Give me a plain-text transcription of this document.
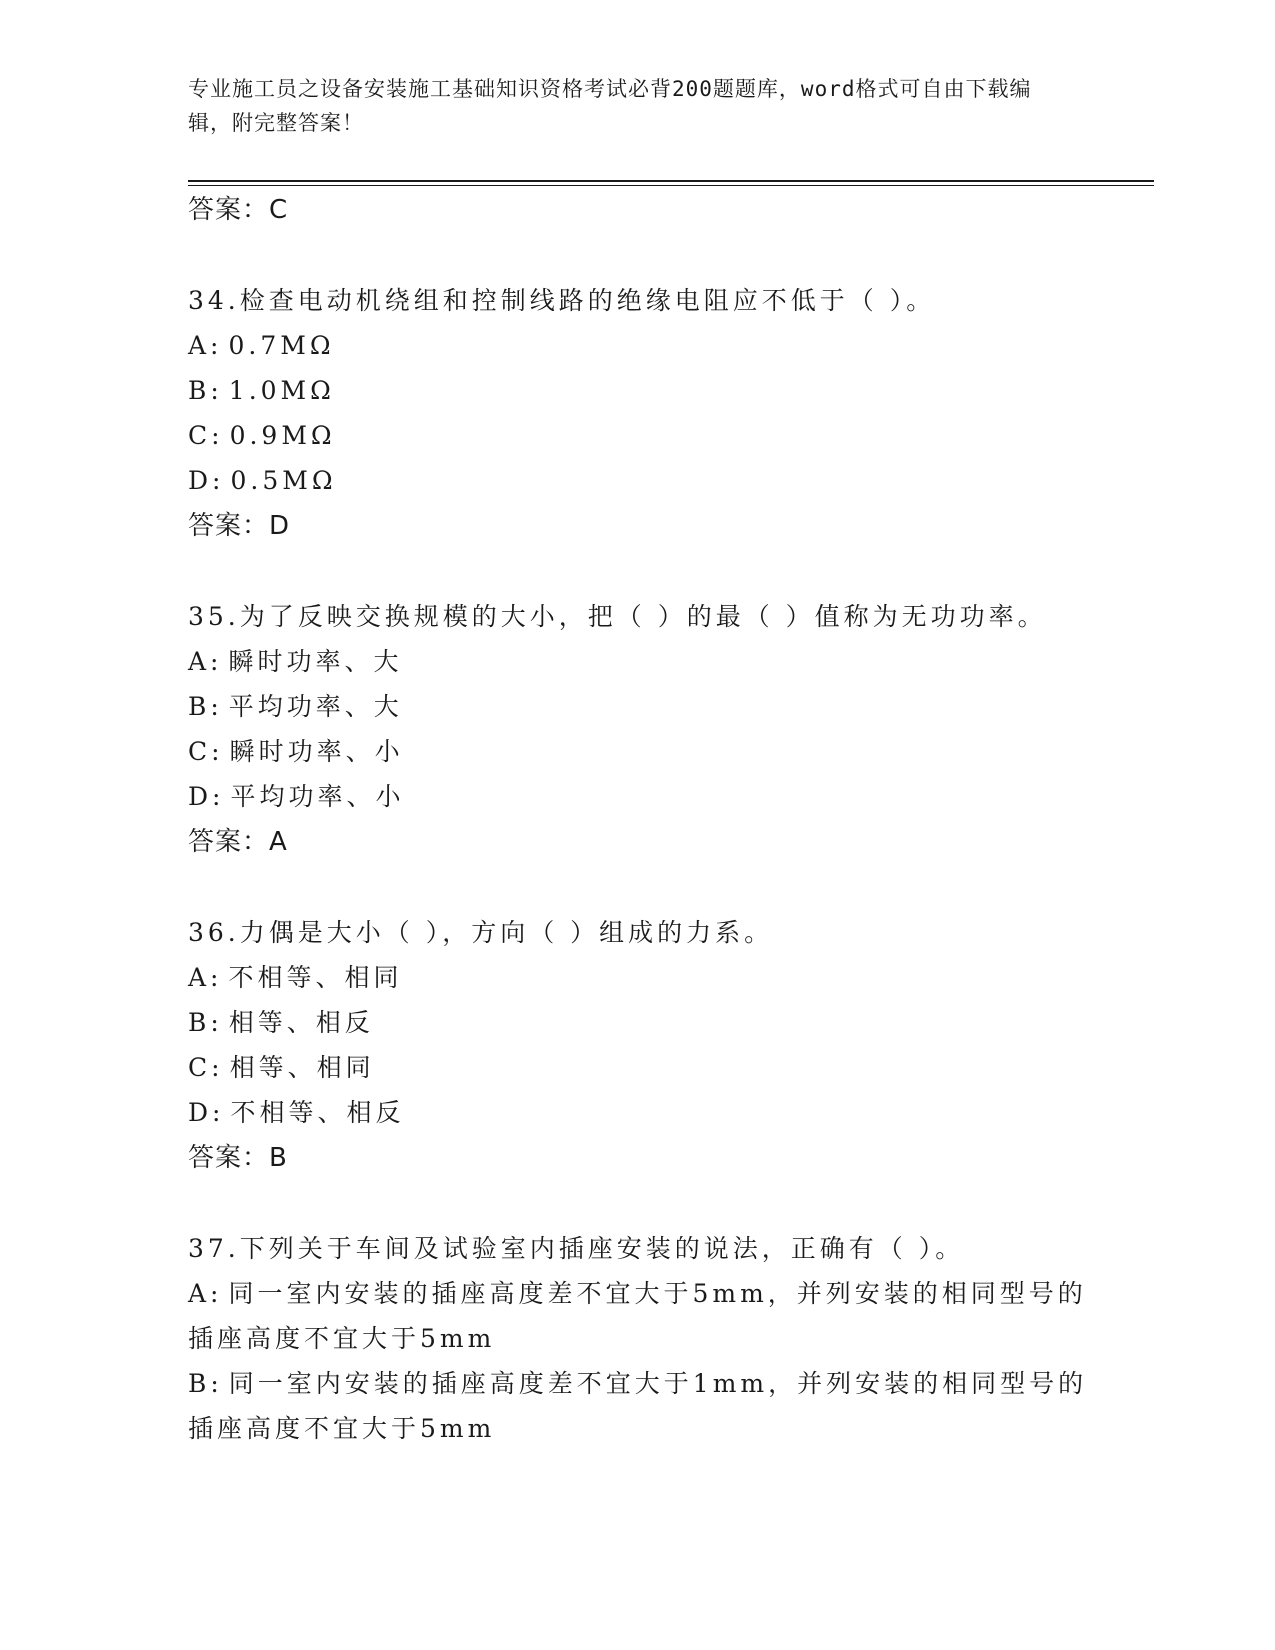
专业施工员之设备安装施工基础知识资格考试必背200题题库，word格式可自由下载编辑，附完整答案！
答案：C
34.检查电动机绕组和控制线路的绝缘电阻应不低于（ ）。
A: 0.7MΩ
B: 1.0MΩ
C: 0.9MΩ
D: 0.5MΩ
答案：D
35.为了反映交换规模的大小，把（ ）的最（ ）值称为无功功率。
A: 瞬时功率、大
B: 平均功率、大
C: 瞬时功率、小
D: 平均功率、小
答案：A
36.力偶是大小（ ），方向（ ）组成的力系。
A: 不相等、相同
B: 相等、相反
C: 相等、相同
D: 不相等、相反
答案：B
37.下列关于车间及试验室内插座安装的说法，正确有（ ）。
A: 同一室内安装的插座高度差不宜大于5mm，并列安装的相同型号的插座高度不宜大于5mm
B: 同一室内安装的插座高度差不宜大于1mm，并列安装的相同型号的插座高度不宜大于5mm
